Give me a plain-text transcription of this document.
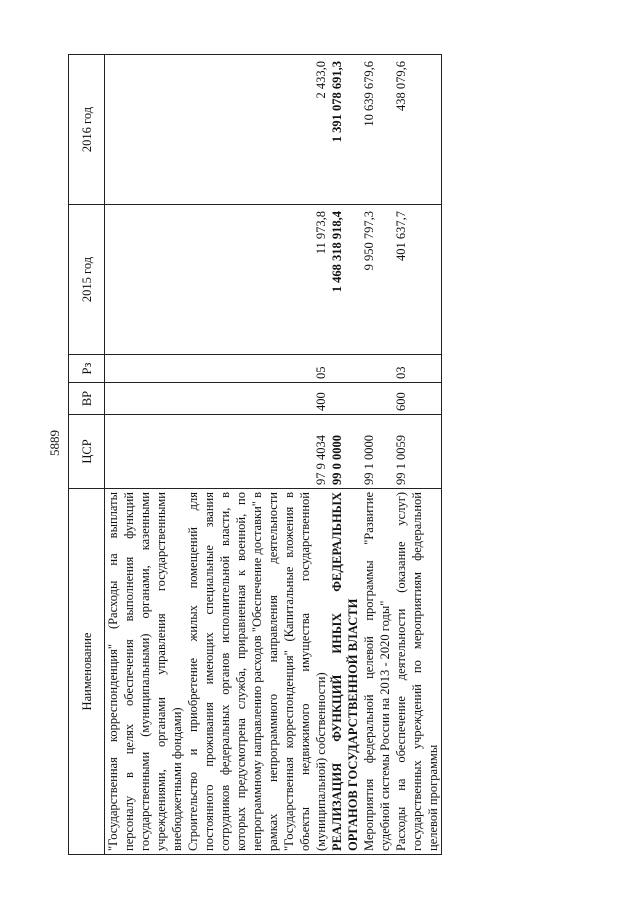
5889
Наименование	ЦСР	ВР	Рз	2015 год	2016 год
"Государственная корреспонденция" (Расходы на выплаты персоналу в целях обеспечения выполнения функций государственными (муниципальными) органами, казенными учреждениями, органами управления государственными внебюджетными фондами)					
Строительство и приобретение жилых помещений для постоянного проживания имеющих специальные звания сотрудников федеральных органов исполнительной власти, в которых предусмотрена служба, приравненная к военной, по непрограммному направлению расходов "Обеспечение доставки" в рамках непрограммного направления деятельности "Государственная корреспонденция" (Капитальные вложения в объекты недвижимого имущества государственной (муниципальной) собственности)	97 9 4034	400	05	11 973,8	2 433,0
РЕАЛИЗАЦИЯ ФУНКЦИЙ ИНЫХ ФЕДЕРАЛЬНЫХ ОРГАНОВ ГОСУДАРСТВЕННОЙ ВЛАСТИ	99 0 0000			1 468 318 918,4	1 391 078 691,3
Мероприятия федеральной целевой программы "Развитие судебной системы России на 2013 - 2020 годы"	99 1 0000			9 950 797,3	10 639 679,6
Расходы на обеспечение деятельности (оказание услуг) государственных учреждений по мероприятиям федеральной целевой программы	99 1 0059	600	03	401 637,7	438 079,6
